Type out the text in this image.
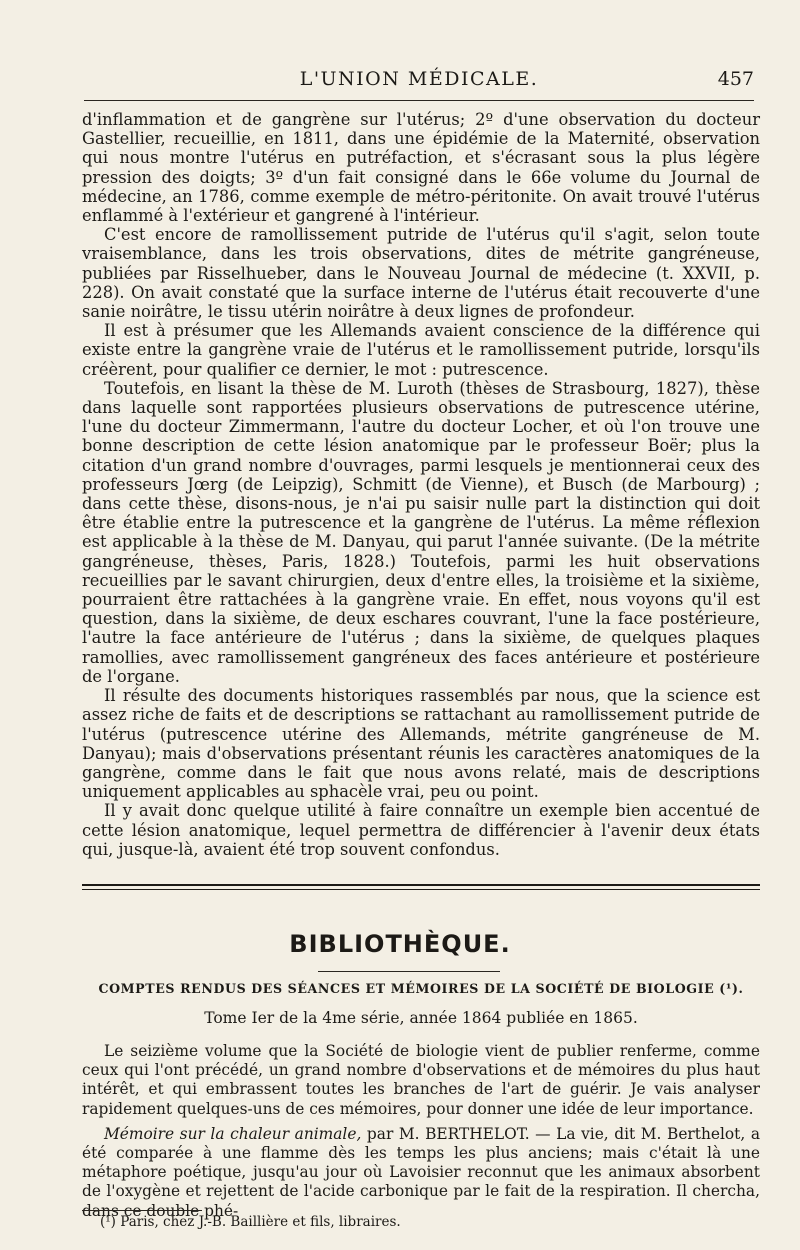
L'UNION MÉDICALE.	457

d'inflammation et de gangrène sur l'utérus; 2º d'une observation du docteur Gastellier, recueillie, en 1811, dans une épidémie de la Maternité, observation qui nous montre l'utérus en putréfaction, et s'écrasant sous la plus légère pression des doigts; 3º d'un fait consigné dans le 66e volume du Journal de médecine, an 1786, comme exemple de métro-péritonite. On avait trouvé l'utérus enflammé à l'extérieur et gangrené à l'intérieur.

C'est encore de ramollissement putride de l'utérus qu'il s'agit, selon toute vraisemblance, dans les trois observations, dites de métrite gangréneuse, publiées par Risselhueber, dans le Nouveau Journal de médecine (t. XXVII, p. 228). On avait constaté que la surface interne de l'utérus était recouverte d'une sanie noirâtre, le tissu utérin noirâtre à deux lignes de profondeur.

Il est à présumer que les Allemands avaient conscience de la différence qui existe entre la gangrène vraie de l'utérus et le ramollissement putride, lorsqu'ils créèrent, pour qualifier ce dernier, le mot : putrescence.

Toutefois, en lisant la thèse de M. Luroth (thèses de Strasbourg, 1827), thèse dans laquelle sont rapportées plusieurs observations de putrescence utérine, l'une du docteur Zimmermann, l'autre du docteur Locher, et où l'on trouve une bonne description de cette lésion anatomique par le professeur Boër; plus la citation d'un grand nombre d'ouvrages, parmi lesquels je mentionnerai ceux des professeurs Jœrg (de Leipzig), Schmitt (de Vienne), et Busch (de Marbourg) ; dans cette thèse, disons-nous, je n'ai pu saisir nulle part la distinction qui doit être établie entre la putrescence et la gangrène de l'utérus. La même réflexion est applicable à la thèse de M. Danyau, qui parut l'année suivante. (De la métrite gangréneuse, thèses, Paris, 1828.) Toutefois, parmi les huit observations recueillies par le savant chirurgien, deux d'entre elles, la troisième et la sixième, pourraient être rattachées à la gangrène vraie. En effet, nous voyons qu'il est question, dans la sixième, de deux eschares couvrant, l'une la face postérieure, l'autre la face antérieure de l'utérus ; dans la sixième, de quelques plaques ramollies, avec ramollissement gangréneux des faces antérieure et postérieure de l'organe.

Il résulte des documents historiques rassemblés par nous, que la science est assez riche de faits et de descriptions se rattachant au ramollissement putride de l'utérus (putrescence utérine des Allemands, métrite gangréneuse de M. Danyau); mais d'observations présentant réunis les caractères anatomiques de la gangrène, comme dans le fait que nous avons relaté, mais de descriptions uniquement applicables au sphacèle vrai, peu ou point.

Il y avait donc quelque utilité à faire connaître un exemple bien accentué de cette lésion anatomique, lequel permettra de différencier à l'avenir deux états qui, jusque-là, avaient été trop souvent confondus.

BIBLIOTHÈQUE.
COMPTES RENDUS DES SÉANCES ET MÉMOIRES DE LA SOCIÉTÉ DE BIOLOGIE (¹).
Tome Ier de la 4me série, année 1864 publiée en 1865.

Le seizième volume que la Société de biologie vient de publier renferme, comme ceux qui l'ont précédé, un grand nombre d'observations et de mémoires du plus haut intérêt, et qui embrassent toutes les branches de l'art de guérir. Je vais analyser rapidement quelques-uns de ces mémoires, pour donner une idée de leur importance.

Mémoire sur la chaleur animale, par M. BERTHELOT. — La vie, dit M. Berthelot, a été comparée à une flamme dès les temps les plus anciens; mais c'était là une métaphore poétique, jusqu'au jour où Lavoisier reconnut que les animaux absorbent de l'oxygène et rejettent de l'acide carbonique par le fait de la respiration. Il chercha, dans ce double phé-

(¹) Paris, chez J.-B. Baillière et fils, libraires.
